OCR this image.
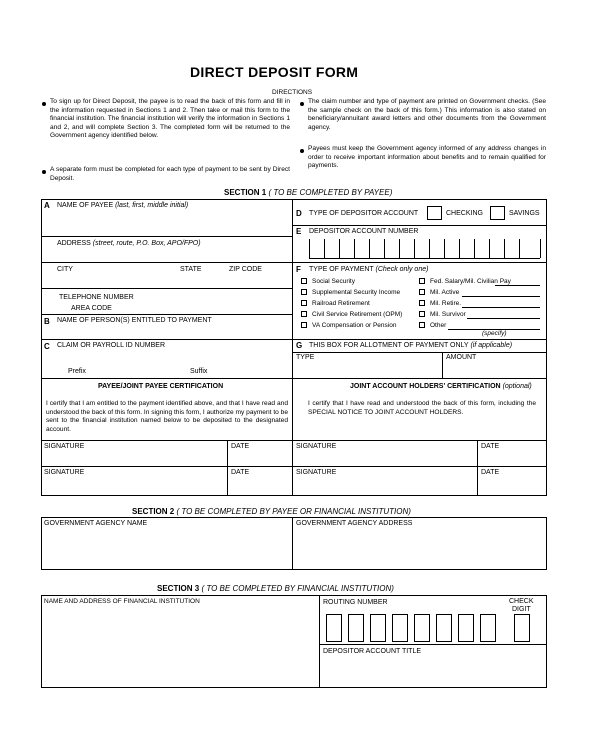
DIRECT DEPOSIT FORM
DIRECTIONS
To sign up for Direct Deposit, the payee is to read the back of this form and fill in the information requested in Sections 1 and 2. Then take or mail this form to the financial institution. The financial institution will verify the information in Sections 1 and 2, and will complete Section 3. The completed form will be returned to the Government agency identified below.
A separate form must be completed for each type of payment to be sent by Direct Deposit.
The claim number and type of payment are printed on Government checks. (See the sample check on the back of this form.) This information is also stated on beneficiary/annuitant award letters and other documents from the Government agency.
Payees must keep the Government agency informed of any address changes in order to receive important information about benefits and to remain qualified for payments.
SECTION 1 ( TO BE COMPLETED BY PAYEE)
A NAME OF PAYEE (last, first, middle initial)
ADDRESS (street, route, P.O. Box, APO/FPO)
CITY	STATE	ZIP CODE
TELEPHONE NUMBER
AREA CODE
B NAME OF PERSON(S) ENTITLED TO PAYMENT
C CLAIM OR PAYROLL ID NUMBER
Prefix	Suffix
D TYPE OF DEPOSITOR ACCOUNT	CHECKING	SAVINGS
E DEPOSITOR ACCOUNT NUMBER
F TYPE OF PAYMENT (Check only one)
Social Security
Supplemental Security Income
Railroad Retirement
Civil Service Retirement (OPM)
VA Compensation or Pension
Fed. Salary/Mil. Civilian Pay
Mil. Active
Mil. Retire.
Mil. Survivor
Other
(specify)
G THIS BOX FOR ALLOTMENT OF PAYMENT ONLY (if applicable)
TYPE	AMOUNT
PAYEE/JOINT PAYEE CERTIFICATION
I certify that I am entitled to the payment identified above, and that I have read and understood the back of this form. In signing this form, I authorize my payment to be sent to the financial institution named below to be deposited to the designated account.
JOINT ACCOUNT HOLDERS' CERTIFICATION (optional)
I certify that I have read and understood the back of this form, including the SPECIAL NOTICE TO JOINT ACCOUNT HOLDERS.
SIGNATURE	DATE	SIGNATURE	DATE
SIGNATURE	DATE	SIGNATURE	DATE
SECTION 2 ( TO BE COMPLETED BY PAYEE OR FINANCIAL INSTITUTION)
GOVERNMENT AGENCY NAME	GOVERNMENT AGENCY ADDRESS
SECTION 3 ( TO BE COMPLETED BY FINANCIAL INSTITUTION)
NAME AND ADDRESS OF FINANCIAL INSTITUTION	ROUTING NUMBER	CHECK
DIGIT
DEPOSITOR ACCOUNT TITLE
